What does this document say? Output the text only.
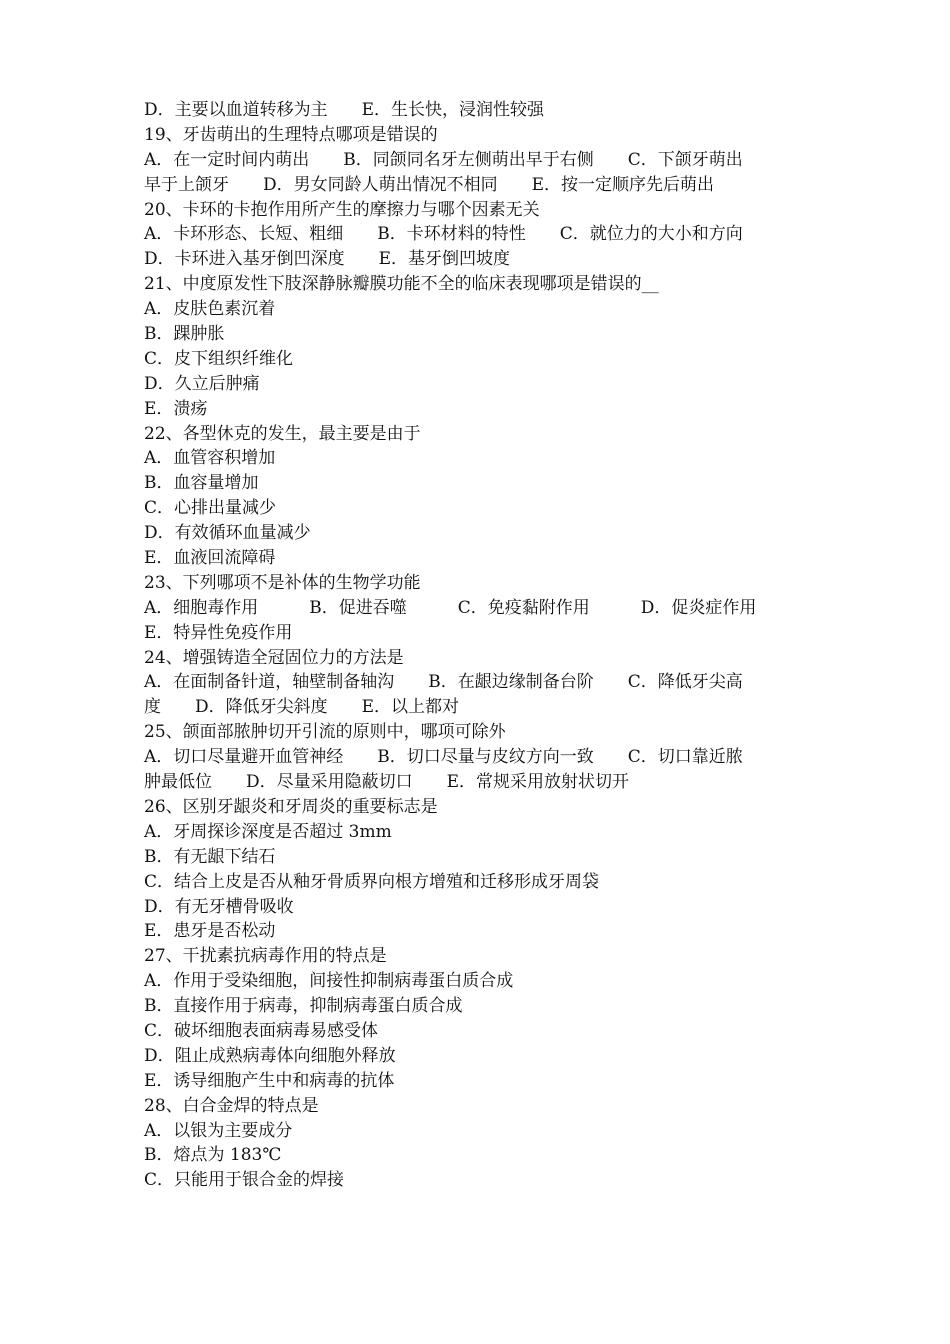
D．主要以血道转移为主　　E．生长快，浸润性较强
19、牙齿萌出的生理特点哪项是错误的
A．在一定时间内萌出　　B．同颌同名牙左侧萌出早于右侧　　C．下颌牙萌出
早于上颌牙　　D．男女同龄人萌出情况不相同　　E．按一定顺序先后萌出
20、卡环的卡抱作用所产生的摩擦力与哪个因素无关
A．卡环形态、长短、粗细　　B．卡环材料的特性　　C．就位力的大小和方向
D．卡环进入基牙倒凹深度　　E．基牙倒凹坡度
21、中度原发性下肢深静脉瓣膜功能不全的临床表现哪项是错误的__
A．皮肤色素沉着
B．踝肿胀
C．皮下组织纤维化
D．久立后肿痛
E．溃疡
22、各型休克的发生，最主要是由于
A．血管容积增加
B．血容量增加
C．心排出量减少
D．有效循环血量减少
E．血液回流障碍
23、下列哪项不是补体的生物学功能
A．细胞毒作用　　　B．促进吞噬　　　C．免疫黏附作用　　　D．促炎症作用
E．特异性免疫作用
24、增强铸造全冠固位力的方法是
A．在面制备针道，轴壁制备轴沟　　B．在龈边缘制备台阶　　C．降低牙尖高
度　　D．降低牙尖斜度　　E．以上都对
25、颌面部脓肿切开引流的原则中，哪项可除外
A．切口尽量避开血管神经　　B．切口尽量与皮纹方向一致　　C．切口靠近脓
肿最低位　　D．尽量采用隐蔽切口　　E．常规采用放射状切开
26、区别牙龈炎和牙周炎的重要标志是
A．牙周探诊深度是否超过 3mm
B．有无龈下结石
C．结合上皮是否从釉牙骨质界向根方增殖和迁移形成牙周袋
D．有无牙槽骨吸收
E．患牙是否松动
27、干扰素抗病毒作用的特点是
A．作用于受染细胞，间接性抑制病毒蛋白质合成
B．直接作用于病毒，抑制病毒蛋白质合成
C．破坏细胞表面病毒易感受体
D．阻止成熟病毒体向细胞外释放
E．诱导细胞产生中和病毒的抗体
28、白合金焊的特点是
A．以银为主要成分
B．熔点为 183℃
C．只能用于银合金的焊接
